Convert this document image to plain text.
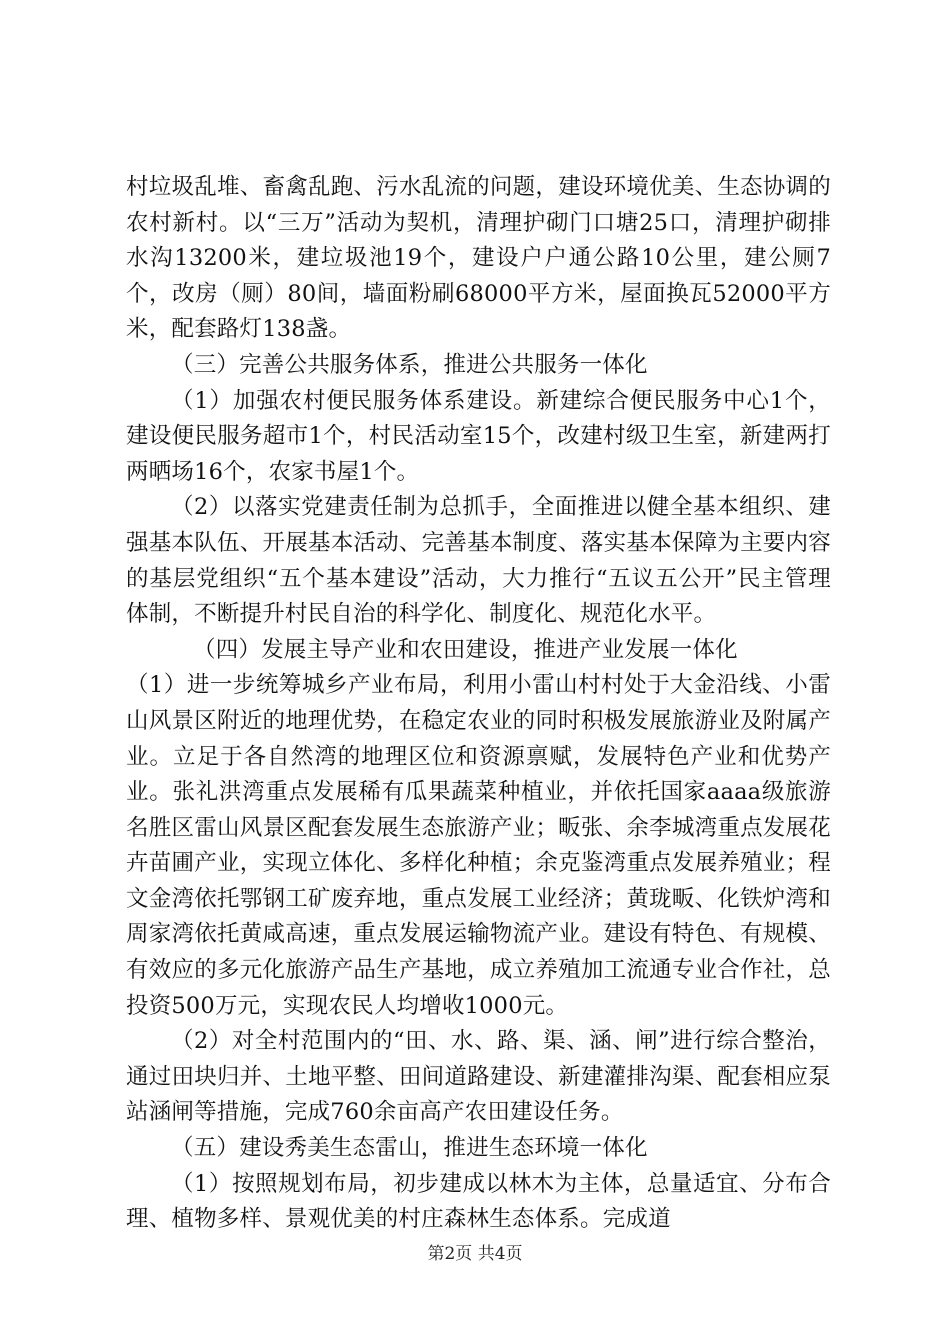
村垃圾乱堆、畜禽乱跑、污水乱流的问题，建设环境优美、生态协调的农村新村。以“三万”活动为契机，清理护砌门口塘25口，清理护砌排水沟13200米，建垃圾池19个，建设户户通公路10公里，建公厕7个，改房（厕）80间，墙面粉刷68000平方米，屋面换瓦52000平方米，配套路灯138盏。

（三）完善公共服务体系，推进公共服务一体化

（1）加强农村便民服务体系建设。新建综合便民服务中心1个，建设便民服务超市1个，村民活动室15个，改建村级卫生室，新建两打两晒场16个，农家书屋1个。

（2）以落实党建责任制为总抓手，全面推进以健全基本组织、建强基本队伍、开展基本活动、完善基本制度、落实基本保障为主要内容的基层党组织“五个基本建设”活动，大力推行“五议五公开”民主管理体制，不断提升村民自治的科学化、制度化、规范化水平。

（四）发展主导产业和农田建设，推进产业发展一体化

（1）进一步统筹城乡产业布局，利用小雷山村村处于大金沿线、小雷山风景区附近的地理优势，在稳定农业的同时积极发展旅游业及附属产业。立足于各自然湾的地理区位和资源禀赋，发展特色产业和优势产业。张礼洪湾重点发展稀有瓜果蔬菜种植业，并依托国家aaaa级旅游名胜区雷山风景区配套发展生态旅游产业；畈张、余李城湾重点发展花卉苗圃产业，实现立体化、多样化种植；余克鉴湾重点发展养殖业；程文金湾依托鄂钢工矿废弃地，重点发展工业经济；黄珑畈、化铁炉湾和周家湾依托黄咸高速，重点发展运输物流产业。建设有特色、有规模、有效应的多元化旅游产品生产基地，成立养殖加工流通专业合作社，总投资500万元，实现农民人均增收1000元。

（2）对全村范围内的“田、水、路、渠、涵、闸”进行综合整治，通过田块归并、土地平整、田间道路建设、新建灌排沟渠、配套相应泵站涵闸等措施，完成760余亩高产农田建设任务。

（五）建设秀美生态雷山，推进生态环境一体化

（1）按照规划布局，初步建成以林木为主体，总量适宜、分布合理、植物多样、景观优美的村庄森林生态体系。完成道

第2页 共4页
